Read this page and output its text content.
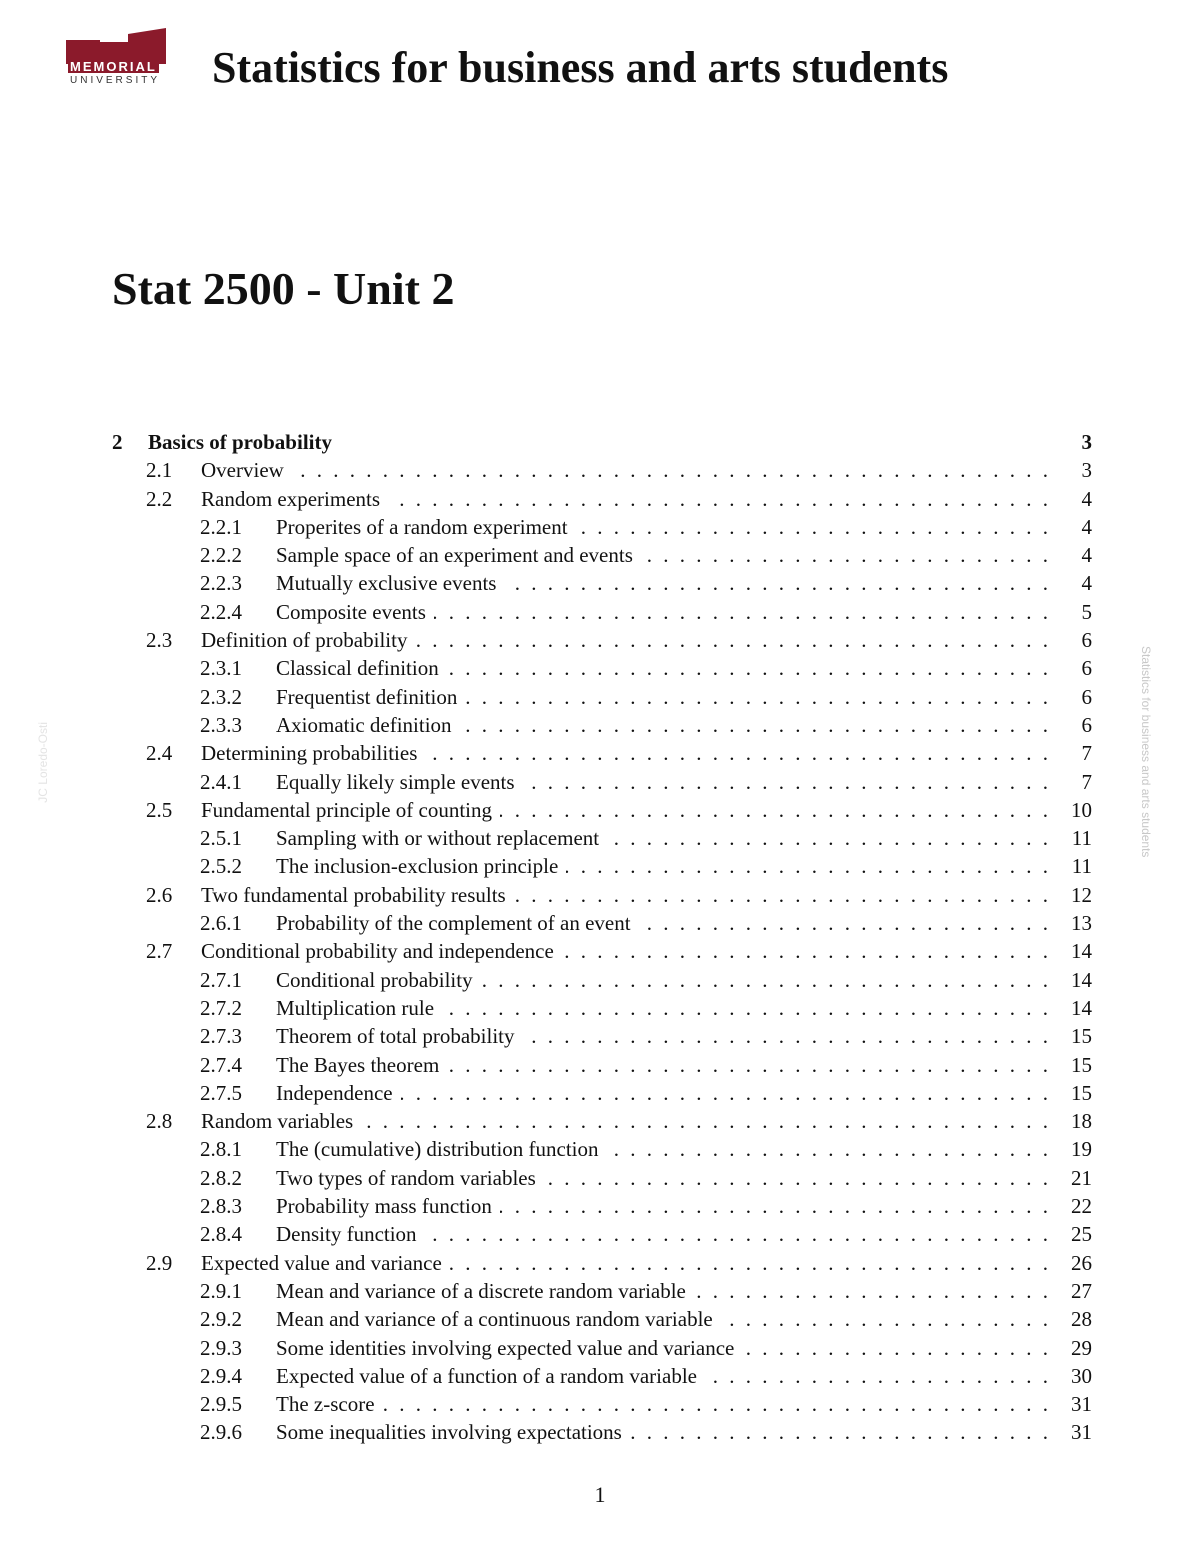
MEMORIAL
UNIVERSITY Statistics for business and arts students
Stat 2500 - Unit 2
2 Basics of probability	3
2.1 Overview . . .	3
2.2 Random experiments . . .	4
2.2.1 Properites of a random experiment . . .	4
2.2.2 Sample space of an experiment and events . . .	4
2.2.3 Mutually exclusive events . . .	4
2.2.4 Composite events . . .	5
2.3 Definition of probability . . .	6
2.3.1 Classical definition . . .	6
2.3.2 Frequentist definition . . .	6
2.3.3 Axiomatic definition . . .	6
2.4 Determining probabilities . . .	7
2.4.1 Equally likely simple events . . .	7
2.5 Fundamental principle of counting . . .	10
2.5.1 Sampling with or without replacement . . .	11
2.5.2 The inclusion-exclusion principle . . .	11
2.6 Two fundamental probability results . . .	12
2.6.1 Probability of the complement of an event . . .	13
2.7 Conditional probability and independence . . .	14
2.7.1 Conditional probability . . .	14
2.7.2 Multiplication rule . . .	14
2.7.3 Theorem of total probability . . .	15
2.7.4 The Bayes theorem . . .	15
2.7.5 Independence . . .	15
2.8 Random variables . . .	18
2.8.1 The (cumulative) distribution function . . .	19
2.8.2 Two types of random variables . . .	21
2.8.3 Probability mass function . . .	22
2.8.4 Density function . . .	25
2.9 Expected value and variance . . .	26
2.9.1 Mean and variance of a discrete random variable . . .	27
2.9.2 Mean and variance of a continuous random variable . . .	28
2.9.3 Some identities involving expected value and variance . . .	29
2.9.4 Expected value of a function of a random variable . . .	30
2.9.5 The z-score . . .	31
2.9.6 Some inequalities involving expectations . . .	31
1
Statistics for business and arts students
JC Loredo-Osti
